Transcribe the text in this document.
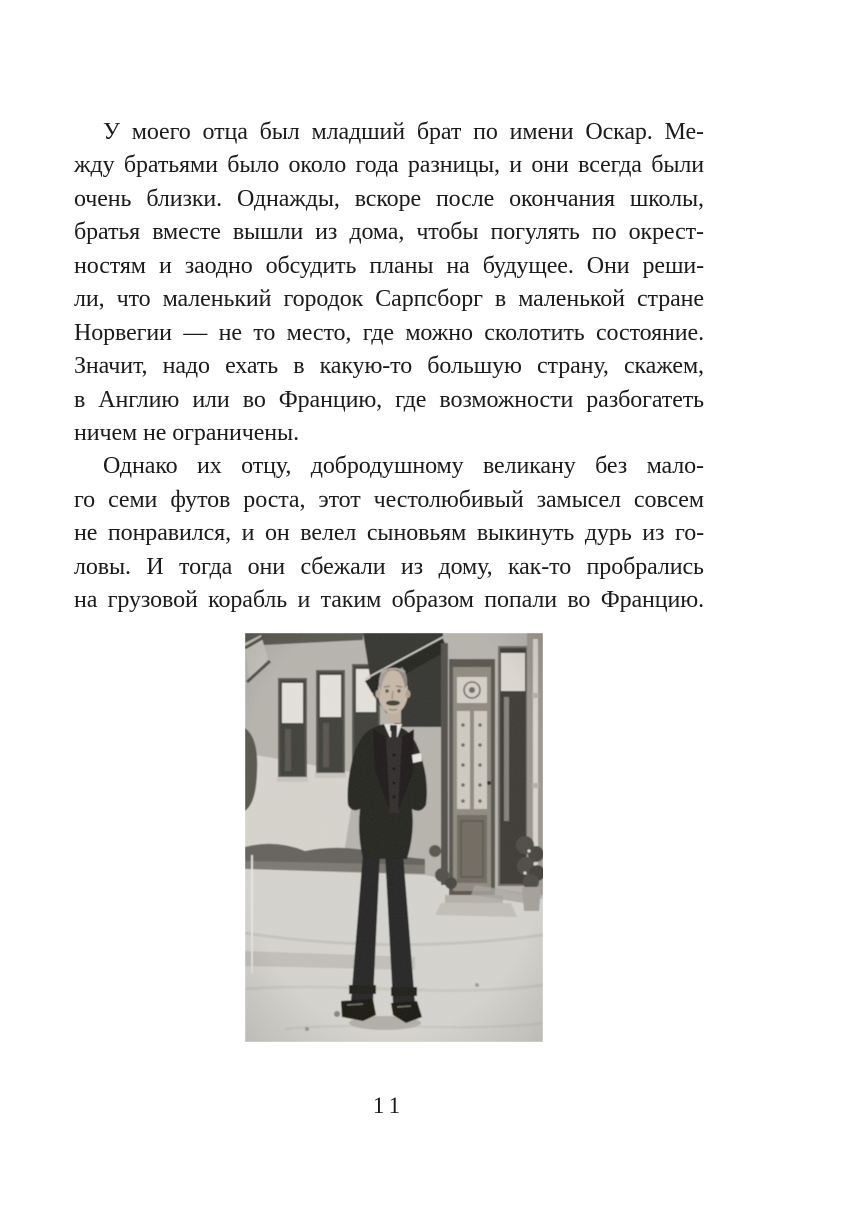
У моего отца был младший брат по имени Оскар. Ме-
жду братьями было около года разницы, и они всегда были
очень близки. Однажды, вскоре после окончания школы,
братья вместе вышли из дома, чтобы погулять по окрест-
ностям и заодно обсудить планы на будущее. Они реши-
ли, что маленький городок Сарпсборг в маленькой стране
Норвегии — не то место, где можно сколотить состояние.
Значит, надо ехать в какую-то большую страну, скажем,
в Англию или во Францию, где возможности разбогатеть
ничем не ограничены.
Однако их отцу, добродушному великану без мало-
го семи футов роста, этот честолюбивый замысел совсем
не понравился, и он велел сыновьям выкинуть дурь из го-
ловы. И тогда они сбежали из дому, как-то пробрались
на грузовой корабль и таким образом попали во Францию.
11
